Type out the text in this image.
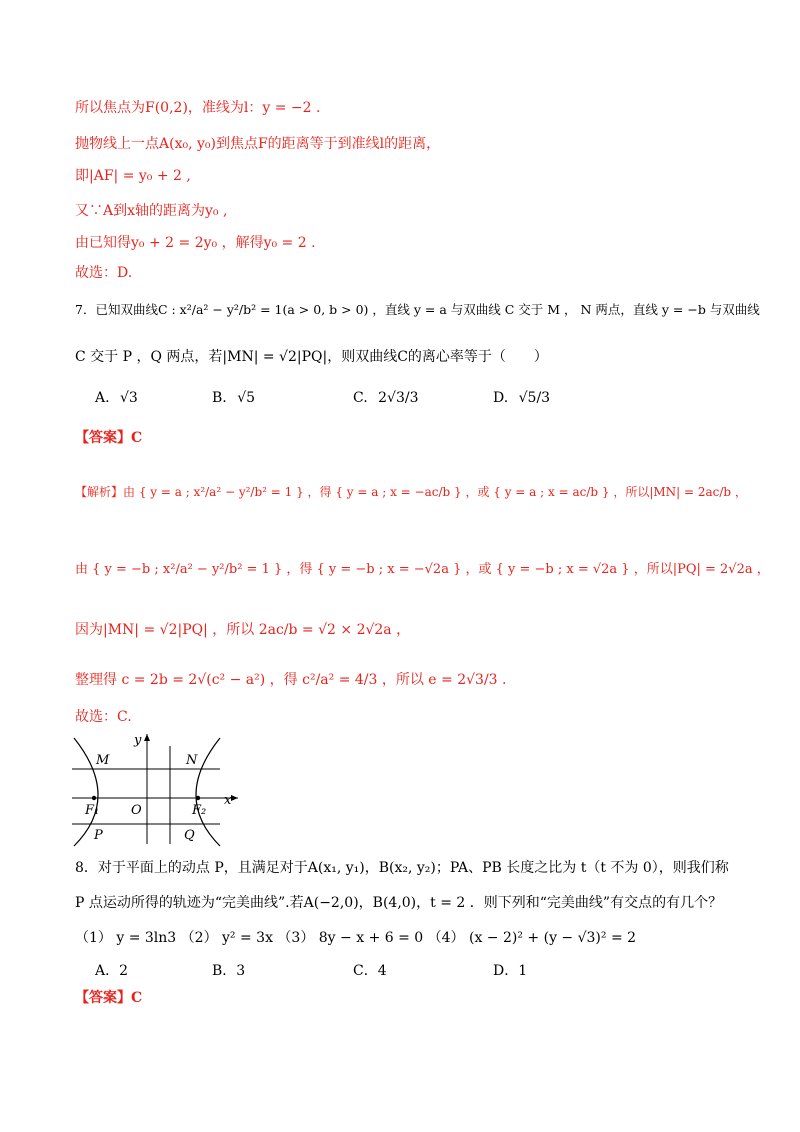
所以焦点为F(0,2)，准线为l：y = −2 .
抛物线上一点A(x₀, y₀)到焦点F的距离等于到准线l的距离，
即|AF| = y₀ + 2 ,
又∵A到x轴的距离为y₀ ,
由已知得y₀ + 2 = 2y₀ ，解得y₀ = 2 .
故选：D.
7．已知双曲线C : x²/a² − y²/b² = 1(a > 0, b > 0) ，直线 y = a 与双曲线 C 交于 M ， N 两点，直线 y = −b 与双曲线
C 交于 P ，Q 两点，若|MN| = √2|PQ|，则双曲线C的离心率等于（　　）
A. √3	B. √5	C. 2√3/3	D. √5/3
【答案】C
【解析】由 { y = a ; x²/a² − y²/b² = 1 } ，得 { y = a ; x = −ac/b } ，或 { y = a ; x = ac/b } ，所以|MN| = 2ac/b ，
由 { y = −b ; x²/a² − y²/b² = 1 } ，得 { y = −b ; x = −√2a } ，或 { y = −b ; x = √2a } ，所以|PQ| = 2√2a ，
因为|MN| = √2|PQ| ，所以 2ac/b = √2 × 2√2a ，
整理得 c = 2b = 2√(c² − a²) ，得 c²/a² = 4/3 ，所以 e = 2√3/3 .
故选：C.
y
x
M	N
F₁ O	F₂
P	Q
8．对于平面上的动点 P，且满足对于A(x₁, y₁)，B(x₂, y₂)；PA、PB 长度之比为 t（t 不为 0），则我们称
P 点运动所得的轨迹为“完美曲线”.若A(−2,0)，B(4,0)，t = 2 ．则下列和“完美曲线”有交点的有几个？
（1） y = 3ln3 （2） y² = 3x （3） 8y − x + 6 = 0 （4） (x − 2)² + (y − √3)² = 2
A．2	B．3	C．4	D．1
【答案】C
